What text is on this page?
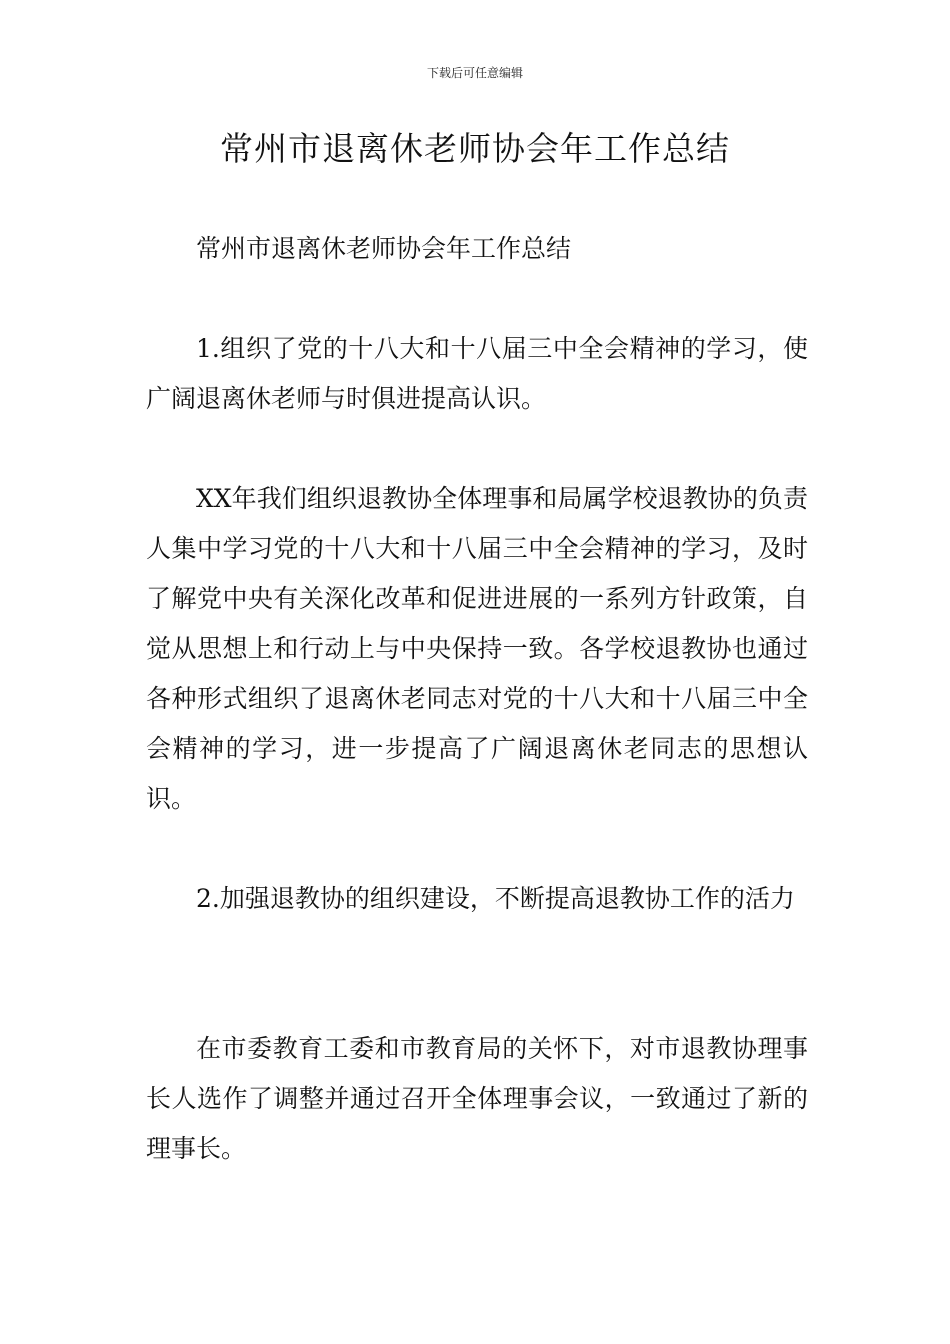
下载后可任意编辑
常州市退离休老师协会年工作总结

常州市退离休老师协会年工作总结

1.组织了党的十八大和十八届三中全会精神的学习，使广阔退离休老师与时俱进提高认识。

XX年我们组织退教协全体理事和局属学校退教协的负责人集中学习党的十八大和十八届三中全会精神的学习，及时了解党中央有关深化改革和促进进展的一系列方针政策，自觉从思想上和行动上与中央保持一致。各学校退教协也通过各种形式组织了退离休老同志对党的十八大和十八届三中全会精神的学习，进一步提高了广阔退离休老同志的思想认识。

2.加强退教协的组织建设，不断提高退教协工作的活力

在市委教育工委和市教育局的关怀下，对市退教协理事长人选作了调整并通过召开全体理事会议，一致通过了新的理事长。
